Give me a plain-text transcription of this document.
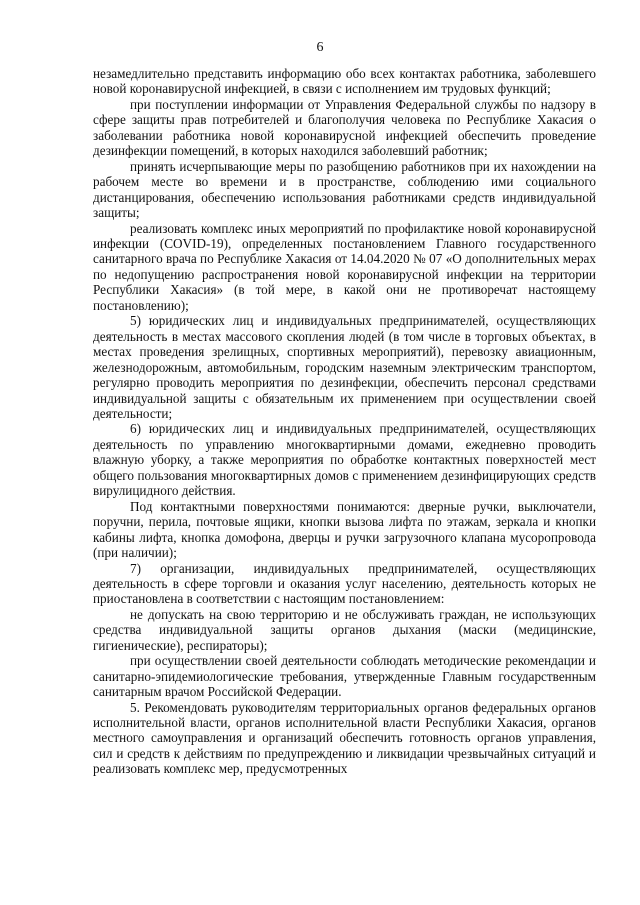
6

незамедлительно представить информацию обо всех контактах работника, заболевшего новой коронавирусной инфекцией, в связи с исполнением им трудовых функций;

при поступлении информации от Управления Федеральной службы по надзору в сфере защиты прав потребителей и благополучия человека по Республике Хакасия о заболевании работника новой коронавирусной инфекцией обеспечить проведение дезинфекции помещений, в которых находился заболевший работник;

принять исчерпывающие меры по разобщению работников при их нахождении на рабочем месте во времени и в пространстве, соблюдению ими социального дистанцирования, обеспечению использования работниками средств индивидуальной защиты;

реализовать комплекс иных мероприятий по профилактике новой коронавирусной инфекции (COVID-19), определенных постановлением Главного государственного санитарного врача по Республике Хакасия от 14.04.2020 № 07 «О дополнительных мерах по недопущению распространения новой коронавирусной инфекции на территории Республики Хакасия» (в той мере, в какой они не противоречат настоящему постановлению);

5) юридических лиц и индивидуальных предпринимателей, осуществляющих деятельность в местах массового скопления людей (в том числе в торговых объектах, в местах проведения зрелищных, спортивных мероприятий), перевозку авиационным, железнодорожным, автомобильным, городским наземным электрическим транспортом, регулярно проводить мероприятия по дезинфекции, обеспечить персонал средствами индивидуальной защиты с обязательным их применением при осуществлении своей деятельности;

6) юридических лиц и индивидуальных предпринимателей, осуществляющих деятельность по управлению многоквартирными домами, ежедневно проводить влажную уборку, а также мероприятия по обработке контактных поверхностей мест общего пользования многоквартирных домов с применением дезинфицирующих средств вирулицидного действия.

Под контактными поверхностями понимаются: дверные ручки, выключатели, поручни, перила, почтовые ящики, кнопки вызова лифта по этажам, зеркала и кнопки кабины лифта, кнопка домофона, дверцы и ручки загрузочного клапана мусоропровода (при наличии);

7) организации, индивидуальных предпринимателей, осуществляющих деятельность в сфере торговли и оказания услуг населению, деятельность которых не приостановлена в соответствии с настоящим постановлением:

не допускать на свою территорию и не обслуживать граждан, не использующих средства индивидуальной защиты органов дыхания (маски (медицинские, гигиенические), респираторы);

при осуществлении своей деятельности соблюдать методические рекомендации и санитарно-эпидемиологические требования, утвержденные Главным государственным санитарным врачом Российской Федерации.

5. Рекомендовать руководителям территориальных органов федеральных органов исполнительной власти, органов исполнительной власти Республики Хакасия, органов местного самоуправления и организаций обеспечить готовность органов управления, сил и средств к действиям по предупреждению и ликвидации чрезвычайных ситуаций и реализовать комплекс мер, предусмотренных
